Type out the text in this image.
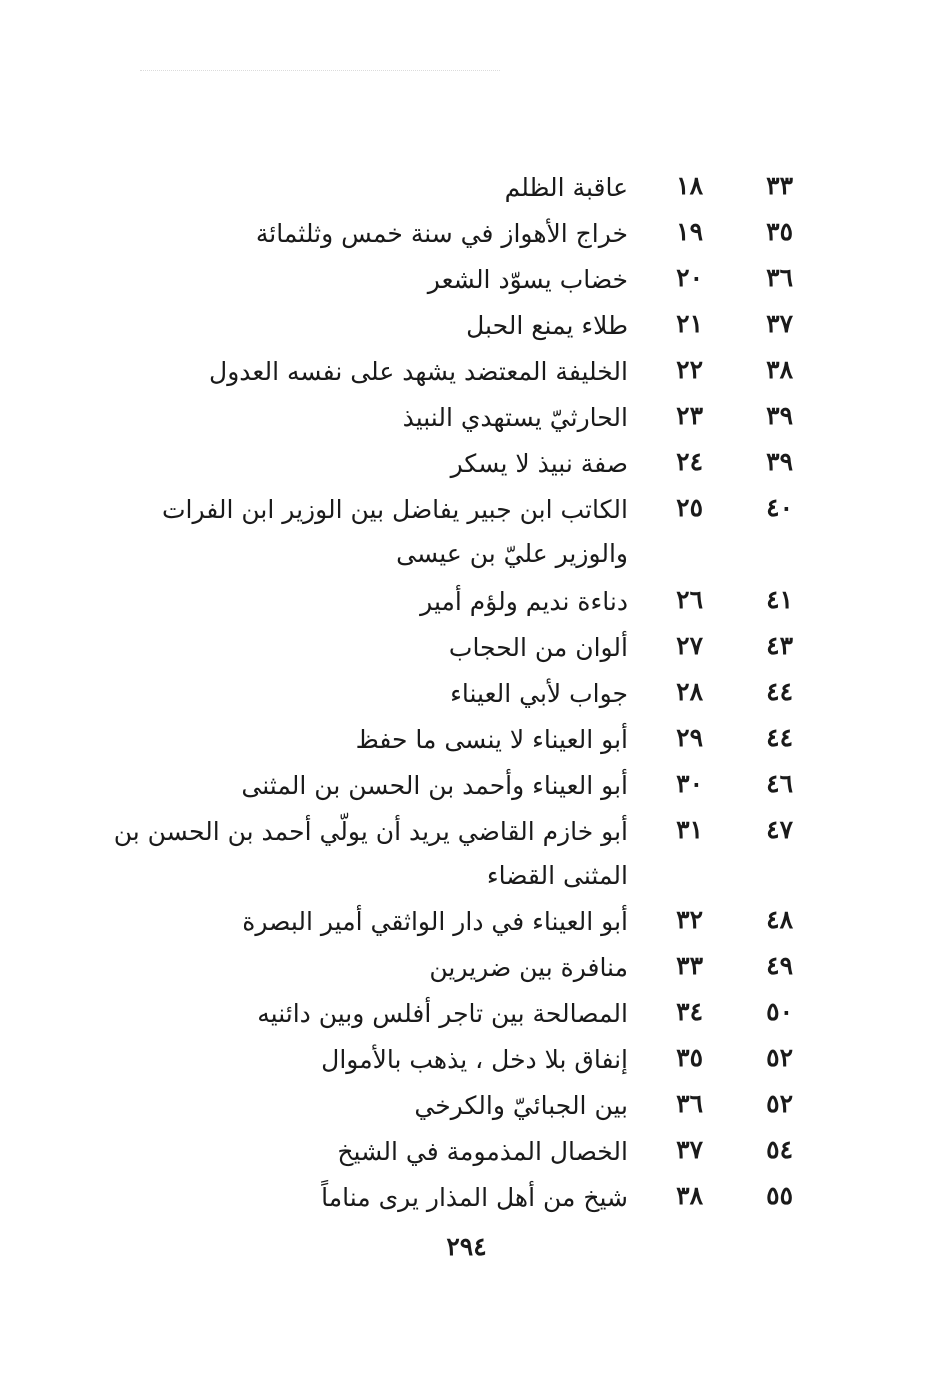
٣٣
١٨
عاقبة الظلم
٣٥
١٩
خراج الأهواز في سنة خمس وثلثمائة
٣٦
٢٠
خضاب يسوّد الشعر
٣٧
٢١
طلاء يمنع الحبل
٣٨
٢٢
الخليفة المعتضد يشهد على نفسه العدول
٣٩
٢٣
الحارثيّ يستهدي النبيذ
٣٩
٢٤
صفة نبيذ لا يسكر
٤٠
٢٥
الكاتب ابن جبير يفاضل بين الوزير ابن الفرات والوزير عليّ بن عيسى
٤١
٢٦
دناءة نديم ولؤم أمير
٤٣
٢٧
ألوان من الحجاب
٤٤
٢٨
جواب لأبي العيناء
٤٤
٢٩
أبو العيناء لا ينسى ما حفظ
٤٦
٣٠
أبو العيناء وأحمد بن الحسن بن المثنى
٤٧
٣١
أبو خازم القاضي يريد أن يولّي أحمد بن الحسن بن المثنى القضاء
٤٨
٣٢
أبو العيناء في دار الواثقي أمير البصرة
٤٩
٣٣
منافرة بين ضريرين
٥٠
٣٤
المصالحة بين تاجر أفلس وبين دائنيه
٥٢
٣٥
إنفاق بلا دخل ، يذهب بالأموال
٥٢
٣٦
بين الجبائيّ والكرخي
٥٤
٣٧
الخصال المذمومة في الشيخ
٥٥
٣٨
شيخ من أهل المذار يرى مناماً
٢٩٤
